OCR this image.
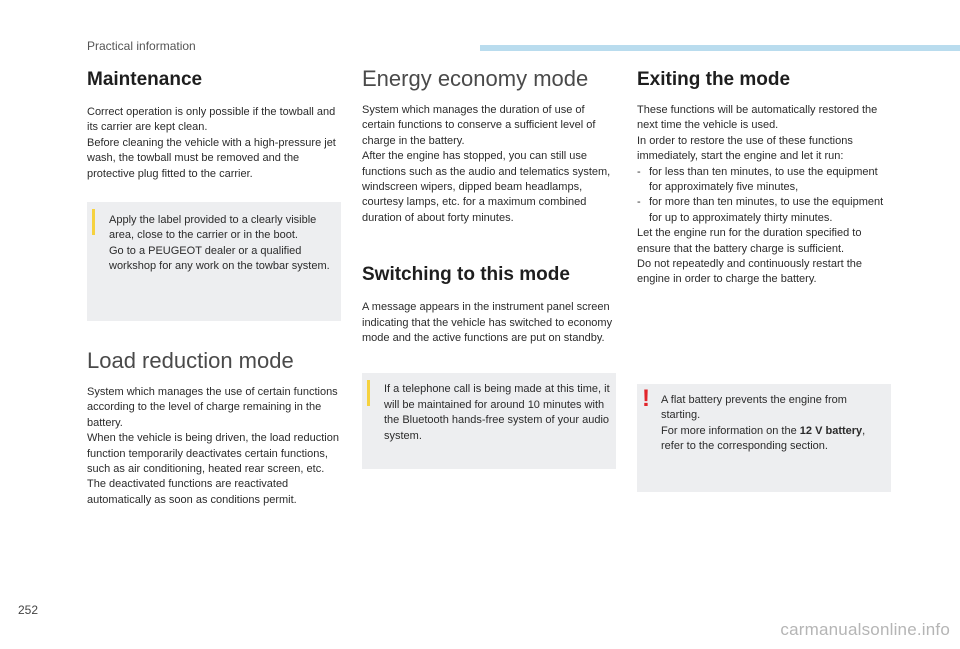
Practical information
Maintenance

Correct operation is only possible if the towball and its carrier are kept clean.

Before cleaning the vehicle with a high-pressure jet wash, the towball must be removed and the protective plug fitted to the carrier.

Apply the label provided to a clearly visible area, close to the carrier or in the boot.

Go to a PEUGEOT dealer or a qualified workshop for any work on the towbar system.

Load reduction mode

System which manages the use of certain functions according to the level of charge remaining in the battery.

When the vehicle is being driven, the load reduction function temporarily deactivates certain functions, such as air conditioning, heated rear screen, etc.

The deactivated functions are reactivated automatically as soon as conditions permit.

Energy economy mode

System which manages the duration of use of certain functions to conserve a sufficient level of charge in the battery.

After the engine has stopped, you can still use functions such as the audio and telematics system, windscreen wipers, dipped beam headlamps, courtesy lamps, etc. for a maximum combined duration of about forty minutes.

Switching to this mode

A message appears in the instrument panel screen indicating that the vehicle has switched to economy mode and the active functions are put on standby.

If a telephone call is being made at this time, it will be maintained for around 10 minutes with the Bluetooth hands-free system of your audio system.

Exiting the mode

These functions will be automatically restored the next time the vehicle is used.

In order to restore the use of these functions immediately, start the engine and let it run:

- for less than ten minutes, to use the equipment for approximately five minutes,
- for more than ten minutes, to use the equipment for up to approximately thirty minutes.

Let the engine run for the duration specified to ensure that the battery charge is sufficient.

Do not repeatedly and continuously restart the engine in order to charge the battery.

! A flat battery prevents the engine from starting.

For more information on the 12 V battery, refer to the corresponding section.

252
carmanualsonline.info
